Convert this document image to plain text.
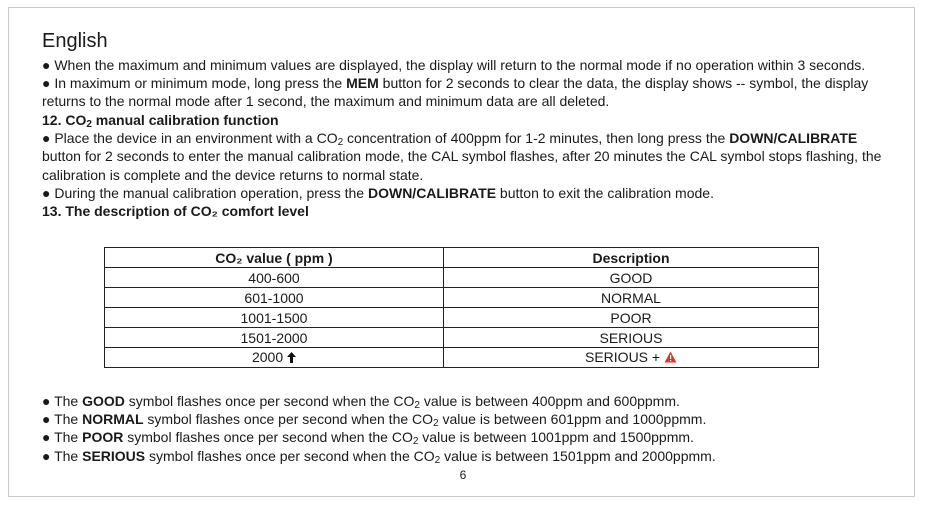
English

● When the maximum and minimum values are displayed, the display will return to the normal mode if no operation within 3 seconds.

● In maximum or minimum mode, long press the MEM button for 2 seconds to clear the data, the display shows -- symbol, the display returns to the normal mode after 1 second, the maximum and minimum data are all deleted.

12. $CO_2$ manual calibration function

● Place the device in an environment with a $CO_2$ concentration of 400ppm for 1-2 minutes, then long press the DOWN/CALIBRATE button for 2 seconds to enter the manual calibration mode, the CAL symbol flashes, after 20 minutes the CAL symbol stops flashing, the calibration is complete and the device returns to normal state.

● During the manual calibration operation, press the DOWN/CALIBRATE button to exit the calibration mode.

13. The description of CO₂ comfort level
CO₂ value ( ppm )	Description
400-600	GOOD
601-1000	NORMAL
1001-1500	POOR
1501-2000	SERIOUS
2000	SERIOUS +

● The GOOD symbol flashes once per second when the $CO_2$ value is between 400ppm and 600ppmm.

● The NORMAL symbol flashes once per second when the $CO_2$ value is between 601ppm and 1000ppmm.

● The POOR symbol flashes once per second when the $CO_2$ value is between 1001ppm and 1500ppmm.

● The SERIOUS symbol flashes once per second when the $CO_2$ value is between 1501ppm and 2000ppmm.

6
